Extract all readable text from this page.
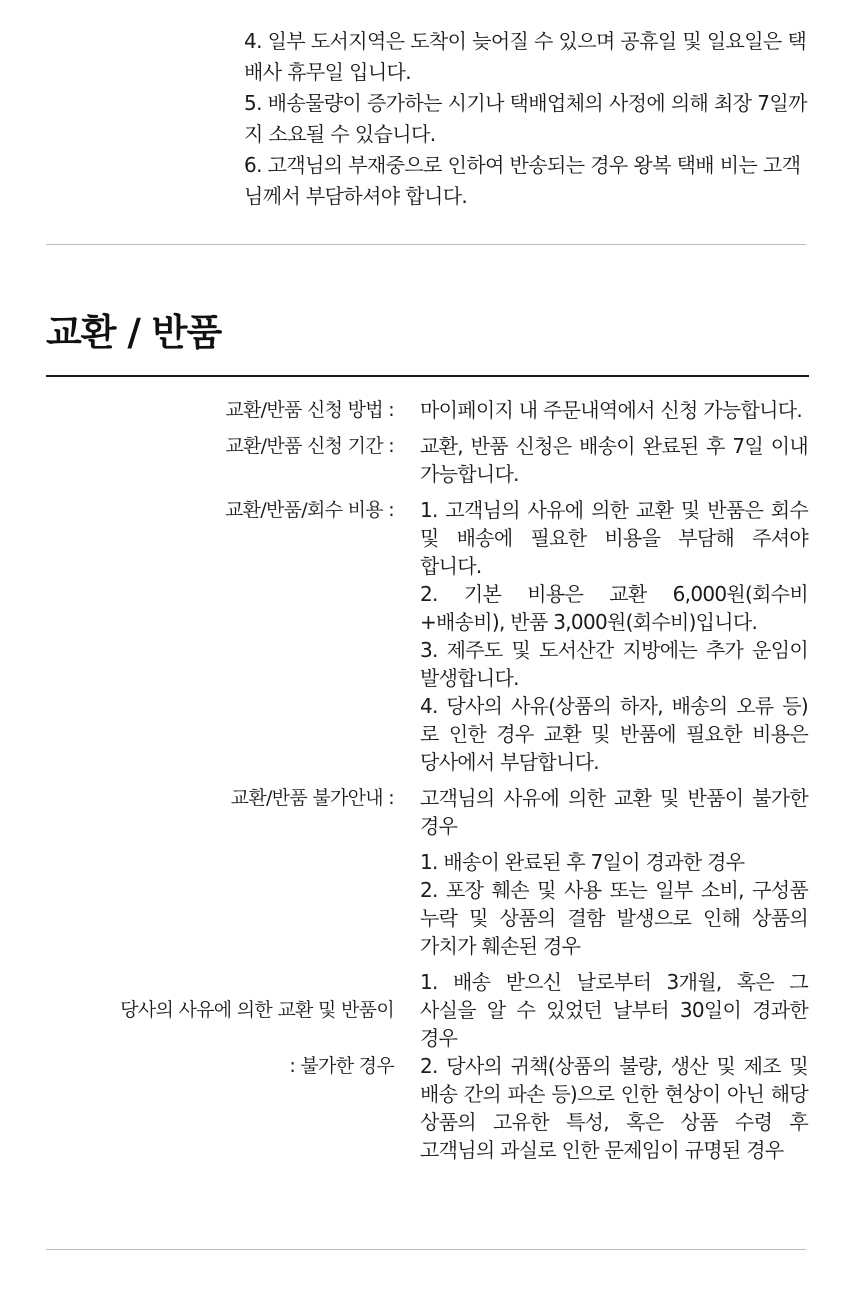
4. 일부 도서지역은 도착이 늦어질 수 있으며 공휴일 및 일요일은 택배사 휴무일 입니다.

5. 배송물량이 증가하는 시기나 택배업체의 사정에 의해 최장 7일까지 소요될 수 있습니다.

6. 고객님의 부재중으로 인하여 반송되는 경우 왕복 택배 비는 고객님께서 부담하셔야 합니다.

교환 / 반품
교환/반품 신청 방법 : 마이페이지 내 주문내역에서 신청 가능합니다.

교환/반품 신청 기간 : 교환, 반품 신청은 배송이 완료된 후 7일 이내 가능합니다.

교환/반품/회수 비용 : 1. 고객님의 사유에 의한 교환 및 반품은 회수 및 배송에 필요한 비용을 부담해 주셔야 합니다.

2. 기본 비용은 교환 6,000원(회수비+배송비), 반품 3,000원(회수비)입니다.

3. 제주도 및 도서산간 지방에는 추가 운임이 발생합니다.

4. 당사의 사유(상품의 하자, 배송의 오류 등)로 인한 경우 교환 및 반품에 필요한 비용은 당사에서 부담합니다.

교환/반품 불가안내 : 고객님의 사유에 의한 교환 및 반품이 불가한 경우

1. 배송이 완료된 후 7일이 경과한 경우

2. 포장 훼손 및 사용 또는 일부 소비, 구성품 누락 및 상품의 결함 발생으로 인해 상품의 가치가 훼손된 경우

당사의 사유에 의한 교환 및 반품이

: 불가한 경우

1. 배송 받으신 날로부터 3개월, 혹은 그 사실을 알 수 있었던 날부터 30일이 경과한 경우

2. 당사의 귀책(상품의 불량, 생산 및 제조 및 배송 간의 파손 등)으로 인한 현상이 아닌 해당 상품의 고유한 특성, 혹은 상품 수령 후 고객님의 과실로 인한 문제임이 규명된 경우
